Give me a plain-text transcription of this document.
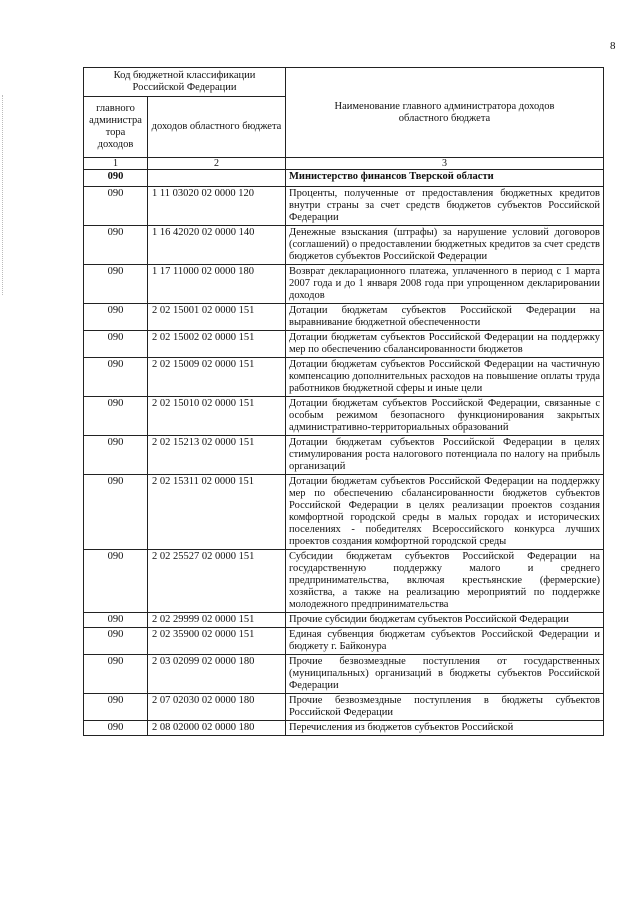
8
Код бюджетной классификации Российской Федерации		Наименование главного администратора доходов областного бюджета
главного администра тора доходов	доходов областного бюджета	
1	2	3
090		Министерство финансов Тверской области
090	1 11 03020 02 0000 120	Проценты, полученные от предоставления бюджетных кредитов внутри страны за счет средств бюджетов субъектов Российской Федерации
090	1 16 42020 02 0000 140	Денежные взыскания (штрафы) за нарушение условий договоров (соглашений) о предоставлении бюджетных кредитов за счет средств бюджетов субъектов Российской Федерации
090	1 17 11000 02 0000 180	Возврат декларационного платежа, уплаченного в период с 1 марта 2007 года и до 1 января 2008 года при упрощенном декларировании доходов
090	2 02 15001 02 0000 151	Дотации бюджетам субъектов Российской Федерации на выравнивание бюджетной обеспеченности
090	2 02 15002 02 0000 151	Дотации бюджетам субъектов Российской Федерации на поддержку мер по обеспечению сбалансированности бюджетов
090	2 02 15009 02 0000 151	Дотации бюджетам субъектов Российской Федерации на частичную компенсацию дополнительных расходов на повышение оплаты труда работников бюджетной сферы и иные цели
090	2 02 15010 02 0000 151	Дотации бюджетам субъектов Российской Федерации, связанные с особым режимом безопасного функционирования закрытых административно-территориальных образований
090	2 02 15213 02 0000 151	Дотации бюджетам субъектов Российской Федерации в целях стимулирования роста налогового потенциала по налогу на прибыль организаций
090	2 02 15311 02 0000 151	Дотации бюджетам субъектов Российской Федерации на поддержку мер по обеспечению сбалансированности бюджетов субъектов Российской Федерации в целях реализации проектов создания комфортной городской среды в малых городах и исторических поселениях - победителях Всероссийского конкурса лучших проектов создания комфортной городской среды
090	2 02 25527 02 0000 151	Субсидии бюджетам субъектов Российской Федерации на государственную поддержку малого и среднего предпринимательства, включая крестьянские (фермерские) хозяйства, а также на реализацию мероприятий по поддержке молодежного предпринимательства
090	2 02 29999 02 0000 151	Прочие субсидии бюджетам субъектов Российской Федерации
090	2 02 35900 02 0000 151	Единая субвенция бюджетам субъектов Российской Федерации и бюджету г. Байконура
090	2 03 02099 02 0000 180	Прочие безвозмездные поступления от государственных (муниципальных) организаций в бюджеты субъектов Российской Федерации
090	2 07 02030 02 0000 180	Прочие безвозмездные поступления в бюджеты субъектов Российской Федерации
090	2 08 02000 02 0000 180	Перечисления из бюджетов субъектов Российской
